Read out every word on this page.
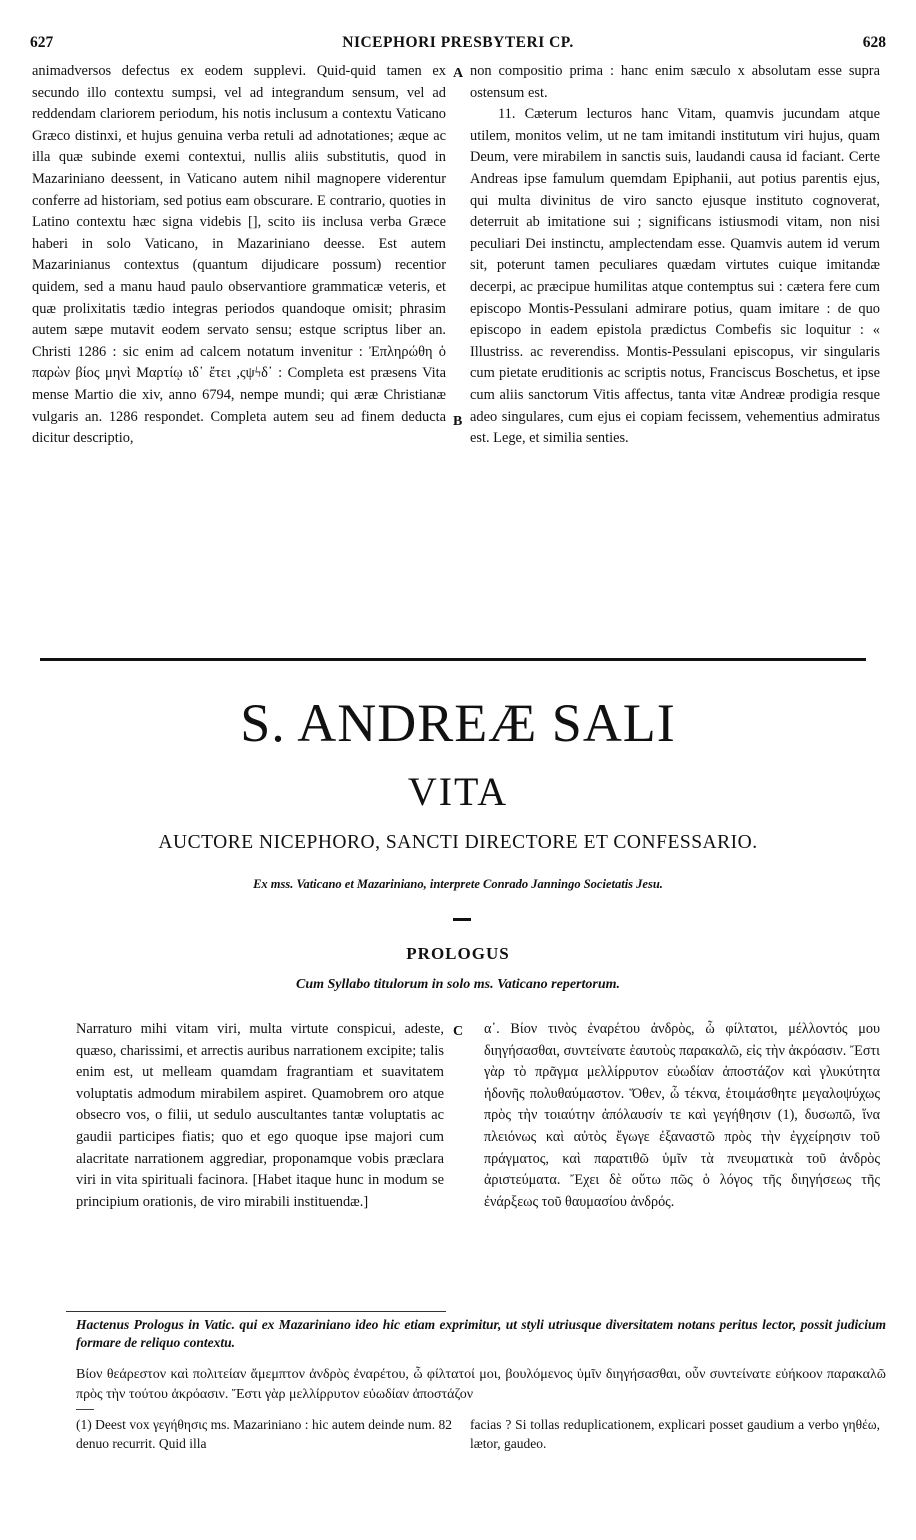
627	NICEPHORI PRESBYTERI CP.	628

animadversos defectus ex eodem supplevi. Quid-quid tamen ex secundo illo contextu sumpsi, vel ad integrandum sensum, vel ad reddendam clariorem periodum, his notis inclusum a contextu Vaticano Græco distinxi, et hujus genuina verba retuli ad adnotationes; æque ac illa quæ subinde exemi contextui, nullis aliis substitutis, quod in Mazariniano deessent, in Vaticano autem nihil magnopere viderentur conferre ad historiam, sed potius eam obscurare. E contrario, quoties in Latino contextu hæc signa videbis [], scito iis inclusa verba Græce haberi in solo Vaticano, in Mazariniano deesse. Est autem Mazarinianus contextus (quantum dijudicare possum) recentior quidem, sed a manu haud paulo observantiore grammaticæ veteris, et quæ prolixitatis tædio integras periodos quandoque omisit; phrasim autem sæpe mutavit eodem servato sensu; estque scriptus liber an. Christi 1286 : sic enim ad calcem notatum invenitur : Ἐπληρώθη ὁ παρὼν βίος μηνὶ Μαρτίῳ ιδ᾽ ἔτει ,ςψϟδ᾽ : Completa est præsens Vita mense Martio die xiv, anno 6794, nempe mundi; qui æræ Christianæ vulgaris an. 1286 respondet. Completa autem seu ad finem deducta dicitur descriptio,

A
B
C

non compositio prima : hanc enim sæculo x absolutam esse supra ostensum est.

11. Cæterum lecturos hanc Vitam, quamvis jucundam atque utilem, monitos velim, ut ne tam imitandi institutum viri hujus, quam Deum, vere mirabilem in sanctis suis, laudandi causa id faciant. Certe Andreas ipse famulum quemdam Epiphanii, aut potius parentis ejus, qui multa divinitus de viro sancto ejusque instituto cognoverat, deterruit ab imitatione sui ; significans istiusmodi vitam, non nisi peculiari Dei instinctu, amplectendam esse. Quamvis autem id verum sit, poterunt tamen peculiares quædam virtutes cuique imitandæ decerpi, ac præcipue humilitas atque contemptus sui : cætera fere cum episcopo Montis-Pessulani admirare potius, quam imitare : de quo episcopo in eadem epistola prædictus Combefis sic loquitur : « Illustriss. ac reverendiss. Montis-Pessulani episcopus, vir singularis cum pietate eruditionis ac scriptis notus, Franciscus Boschetus, et ipse cum aliis sanctorum Vitis affectus, tanta vitæ Andreæ prodigia resque adeo singulares, cum ejus ei copiam fecissem, vehementius admiratus est. Lege, et similia senties.

S. ANDREÆ SALI
VITA
AUCTORE NICEPHORO, SANCTI DIRECTORE ET CONFESSARIO.
Ex mss. Vaticano et Mazariniano, interprete Conrado Janningo Societatis Jesu.
PROLOGUS
Cum Syllabo titulorum in solo ms. Vaticano repertorum.

Narraturo mihi vitam viri, multa virtute conspicui, adeste, quæso, charissimi, et arrectis auribus narrationem excipite; talis enim est, ut melleam quamdam fragrantiam et suavitatem voluptatis admodum mirabilem aspiret. Quamobrem oro atque obsecro vos, o filii, ut sedulo auscultantes tantæ voluptatis ac gaudii participes fiatis; quo et ego quoque ipse majori cum alacritate narrationem aggrediar, proponamque vobis præclara viri in vita spirituali facinora. [Habet itaque hunc in modum se principium orationis, de viro mirabili instituendæ.]

α᾽. Βίον τινὸς ἐναρέτου ἀνδρὸς, ὦ φίλτατοι, μέλλοντός μου διηγήσασθαι, συντείνατε ἑαυτοὺς παρακαλῶ, εἰς τὴν ἀκρόασιν. Ἔστι γὰρ τὸ πρᾶγμα μελλίρρυτον εὐωδίαν ἀποστάζον καὶ γλυκύτητα ἡδονῆς πολυθαύμαστον. Ὅθεν, ὦ τέκνα, ἑτοιμάσθητε μεγαλοψύχως πρὸς τὴν τοιαύτην ἀπόλαυσίν τε καὶ γεγήθησιν (1), δυσωπῶ, ἵνα πλειόνως καὶ αὐτὸς ἔγωγε ἐξαναστῶ πρὸς τὴν ἐγχείρησιν τοῦ πράγματος, καὶ παρατιθῶ ὑμῖν τὰ πνευματικὰ τοῦ ἀνδρὸς ἀριστεύματα. Ἔχει δὲ οὕτω πῶς ὁ λόγος τῆς διηγήσεως τῆς ἐνάρξεως τοῦ θαυμασίου ἀνδρός.

Hactenus Prologus in Vatic. qui ex Mazariniano ideo hic etiam exprimitur, ut styli utriusque diversitatem notans peritus lector, possit judicium formare de reliquo contextu.
Βίον θεάρεστον καὶ πολιτείαν ἄμεμπτον ἀνδρὸς ἐναρέτου, ὦ φίλτατοί μοι, βουλόμενος ὑμῖν διηγήσασθαι, οὖν συντείνατε εὐήκοον παρακαλῶ πρὸς τὴν τούτου ἀκρόασιν. Ἔστι γὰρ μελλίρρυτον εὐωδίαν ἀποστάζον
(1) Deest vox γεγήθησις ms. Mazariniano : hic autem deinde num. 82 denuo recurrit. Quid illa
facias ? Si tollas reduplicationem, explicari posset gaudium a verbo γηθέω, lætor, gaudeo.
